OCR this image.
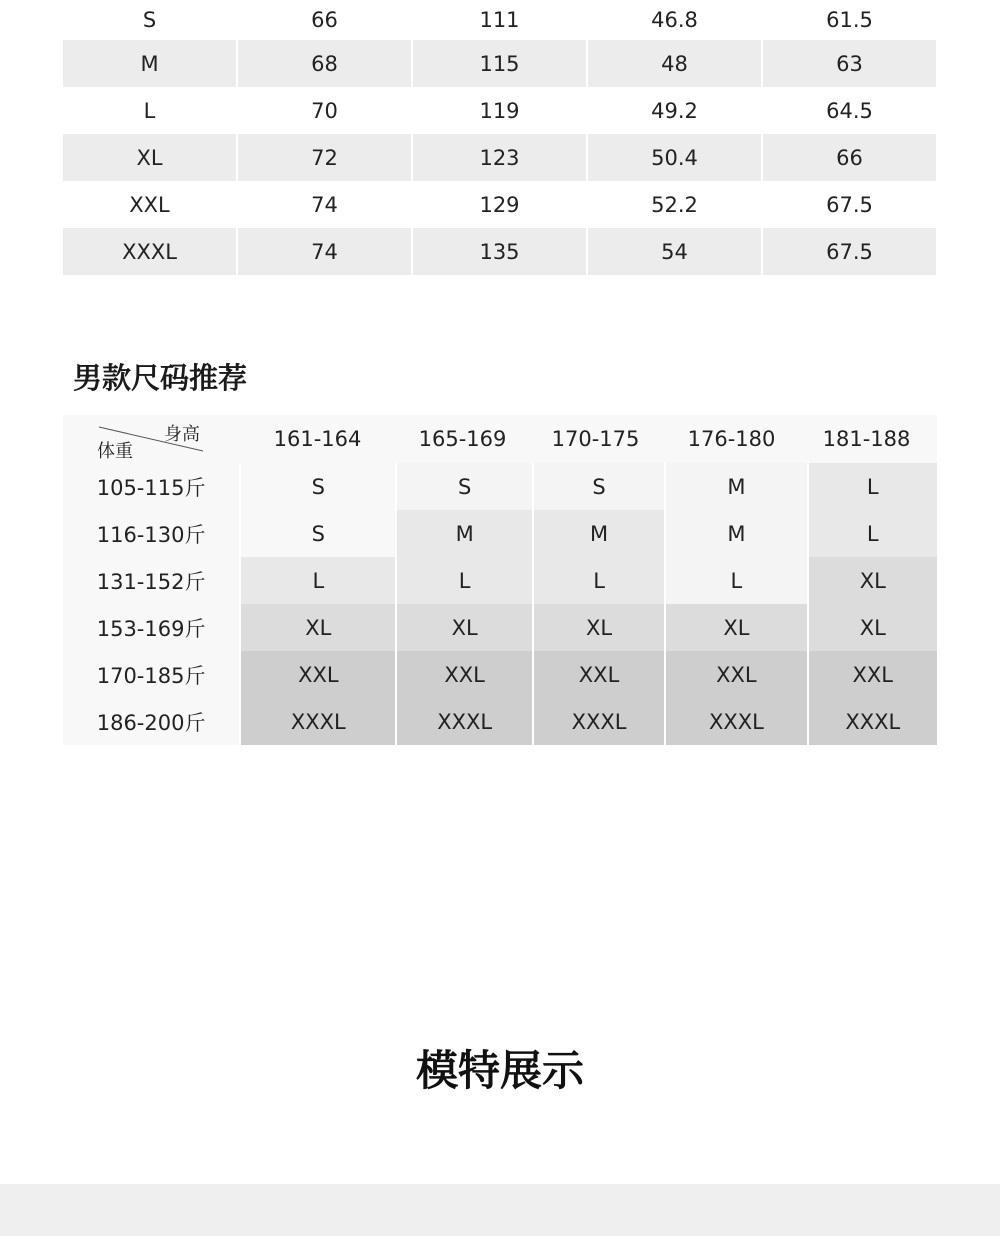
S	66	111	46.8	61.5
M	68	115	48	63
L	70	119	49.2	64.5
XL	72	123	50.4	66
XXL	74	129	52.2	67.5
XXXL	74	135	54	67.5
男款尺码推荐
身高
体重
161-164	165-169	170-175	176-180	181-188
105-115斤	S	S	S	M	L
116-130斤	S	M	M	M	L
131-152斤	L	L	L	L	XL
153-169斤	XL	XL	XL	XL	XL
170-185斤	XXL	XXL	XXL	XXL	XXL
186-200斤	XXXL	XXXL	XXXL	XXXL	XXXL
模特展示
